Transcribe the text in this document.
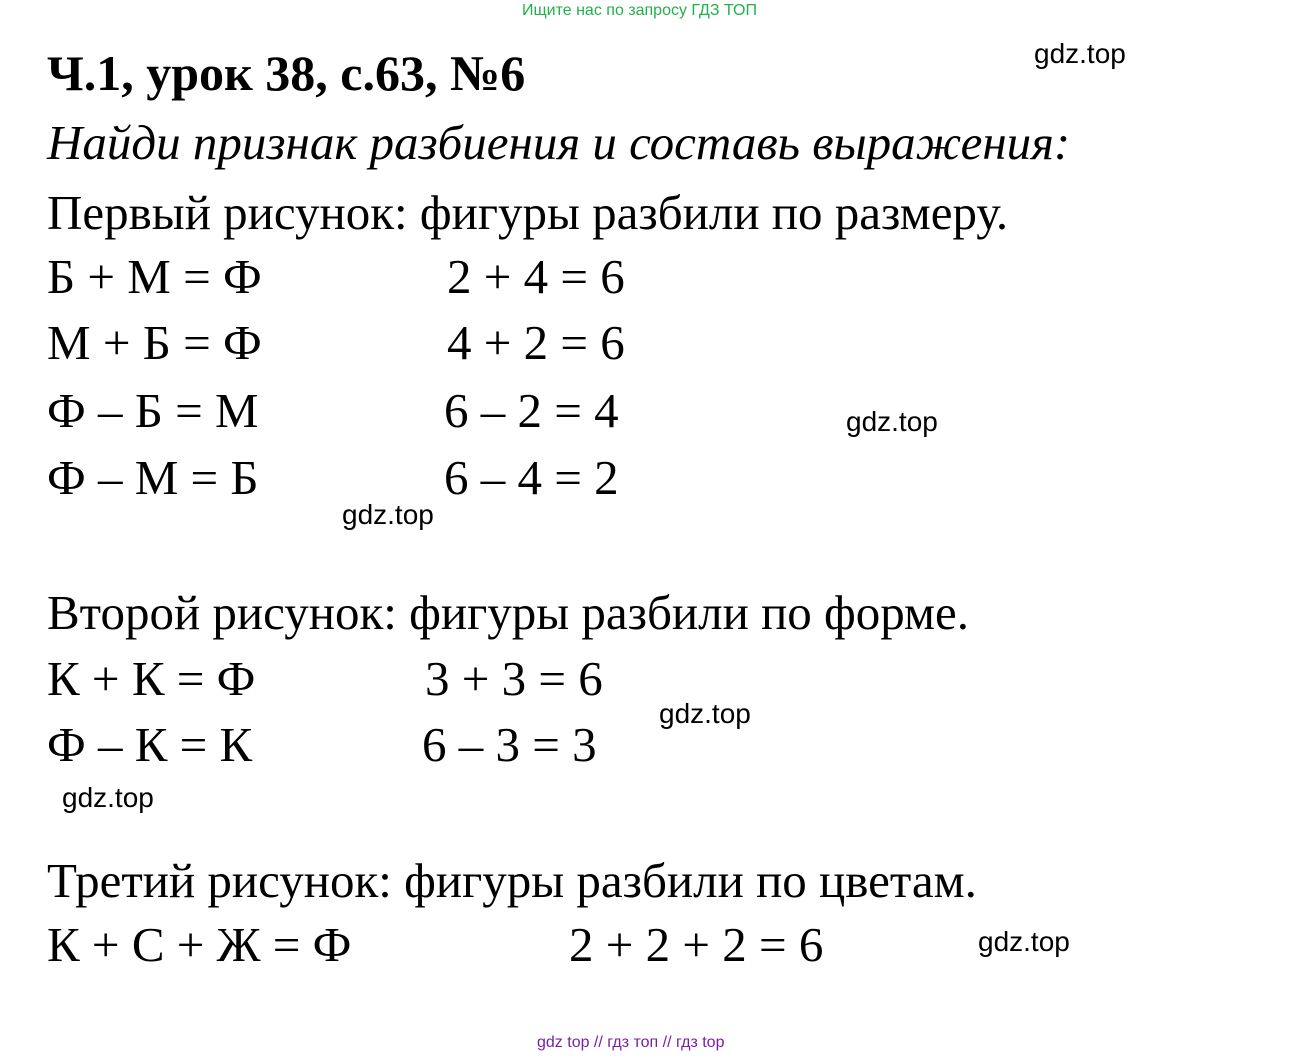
Ищите нас по запросу ГДЗ ТОП
Ч.1, урок 38, с.63, №6	gdz.top
Найди признак разбиения и составь выражения:
Первый рисунок: фигуры разбили по размеру.
Б + М = Ф	2 + 4 = 6
М + Б = Ф	4 + 2 = 6
Ф – Б = М	6 – 2 = 4	gdz.top
Ф – М = Б	6 – 4 = 2
gdz.top
Второй рисунок: фигуры разбили по форме.
К + К = Ф	3 + 3 = 6
gdz.top
Ф – К = К	6 – 3 = 3
gdz.top
Третий рисунок: фигуры разбили по цветам.
К + С + Ж = Ф	2 + 2 + 2 = 6	gdz.top
gdz top // гдз топ // гдз top
